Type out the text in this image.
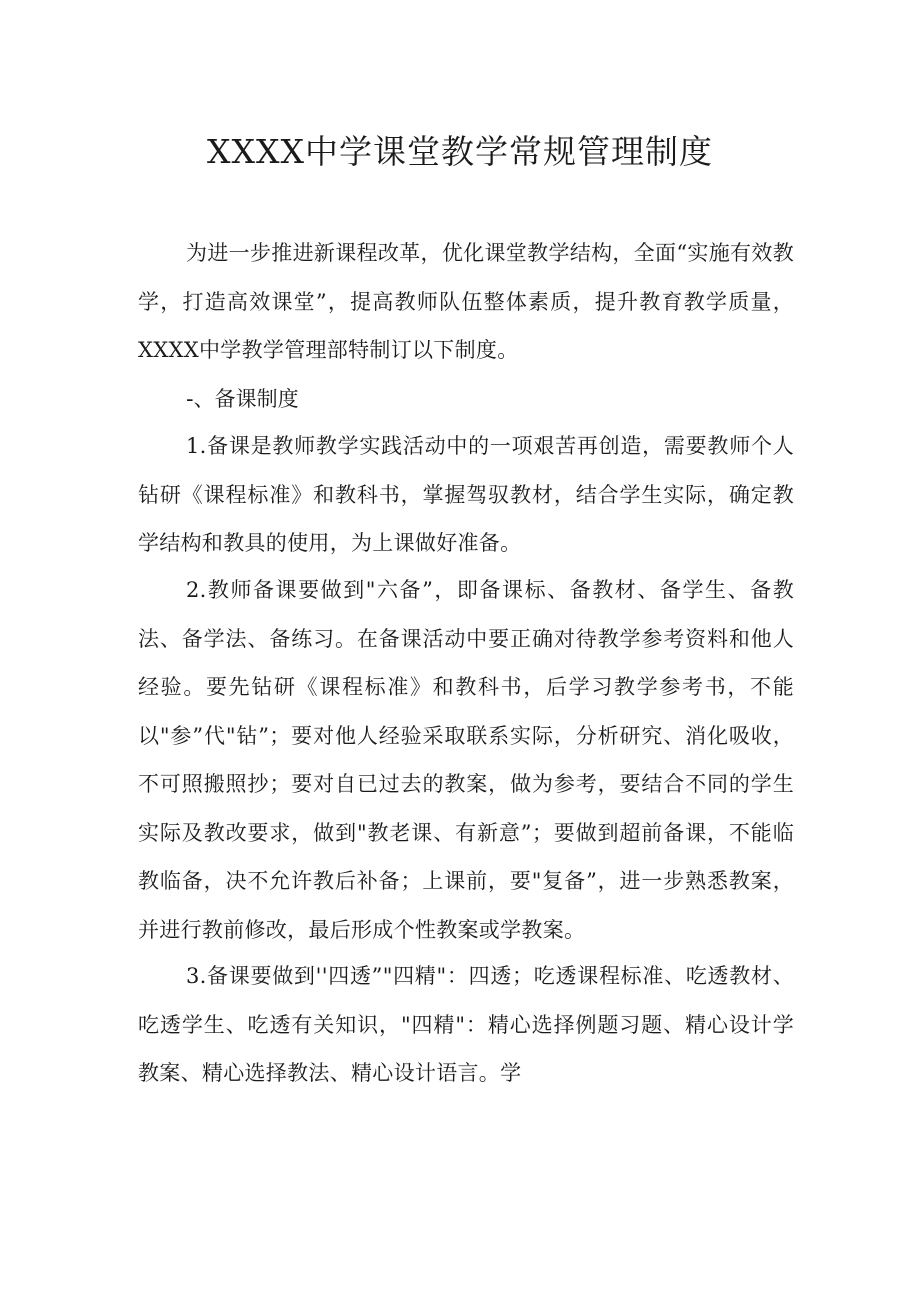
XXXX中学课堂教学常规管理制度

为进一步推进新课程改革，优化课堂教学结构，全面“实施有效教学，打造高效课堂”，提高教师队伍整体素质，提升教育教学质量，XXXX中学教学管理部特制订以下制度。

-、备课制度

1.备课是教师教学实践活动中的一项艰苦再创造，需要教师个人钻研《课程标准》和教科书，掌握驾驭教材，结合学生实际，确定教学结构和教具的使用，为上课做好准备。

2.教师备课要做到"六备”，即备课标、备教材、备学生、备教法、备学法、备练习。在备课活动中要正确对待教学参考资料和他人经验。要先钻研《课程标准》和教科书，后学习教学参考书，不能以"参”代"钻”；要对他人经验采取联系实际，分析研究、消化吸收，不可照搬照抄；要对自已过去的教案，做为参考，要结合不同的学生实际及教改要求，做到"教老课、有新意”；要做到超前备课，不能临教临备，决不允许教后补备；上课前，要"复备”，进一步熟悉教案，并进行教前修改，最后形成个性教案或学教案。

3.备课要做到''四透”"四精"：四透；吃透课程标准、吃透教材、吃透学生、吃透有关知识，"四精"：精心选择例题习题、精心设计学教案、精心选择教法、精心设计语言。学
